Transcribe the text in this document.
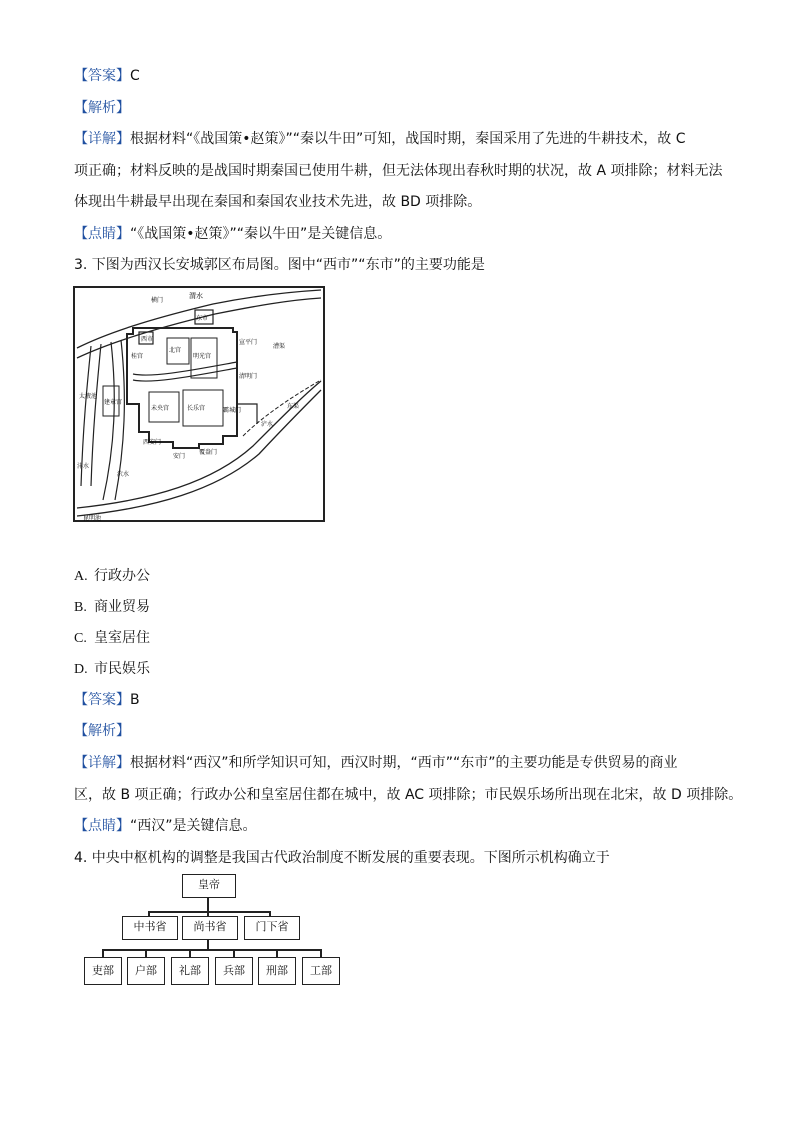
【答案】C
【解析】
【详解】根据材料“《战国策•赵策》”“秦以牛田”可知，战国时期，秦国采用了先进的牛耕技术，故 C
项正确；材料反映的是战国时期秦国已使用牛耕，但无法体现出春秋时期的状况，故 A 项排除；材料无法
体现出牛耕最早出现在秦国和秦国农业技术先进，故 BD 项排除。
【点睛】“《战国策•赵策》”“秦以牛田”是关键信息。
3. 下图为西汉长安城郭区布局图。图中“西市”“东市”的主要功能是
渭水
横门
西市
东市
北宫
明光宫
桂宫
未央宫	长乐宫
建章宫
太液池
霸城门
安门
西安门
覆盎门
宣平门
清明门
沣水
泬水
浐水
昆明池
漕渠
东渠
A. 行政办公
B. 商业贸易
C. 皇室居住
D. 市民娱乐
【答案】B
【解析】
【详解】根据材料“西汉”和所学知识可知，西汉时期，“西市”“东市”的主要功能是专供贸易的商业
区，故 B 项正确；行政办公和皇室居住都在城中，故 AC 项排除；市民娱乐场所出现在北宋，故 D 项排除。
【点睛】“西汉”是关键信息。
4. 中央中枢机构的调整是我国古代政治制度不断发展的重要表现。下图所示机构确立于
皇帝
中书省	尚书省	门下省
吏部	户部	礼部	兵部	刑部	工部
